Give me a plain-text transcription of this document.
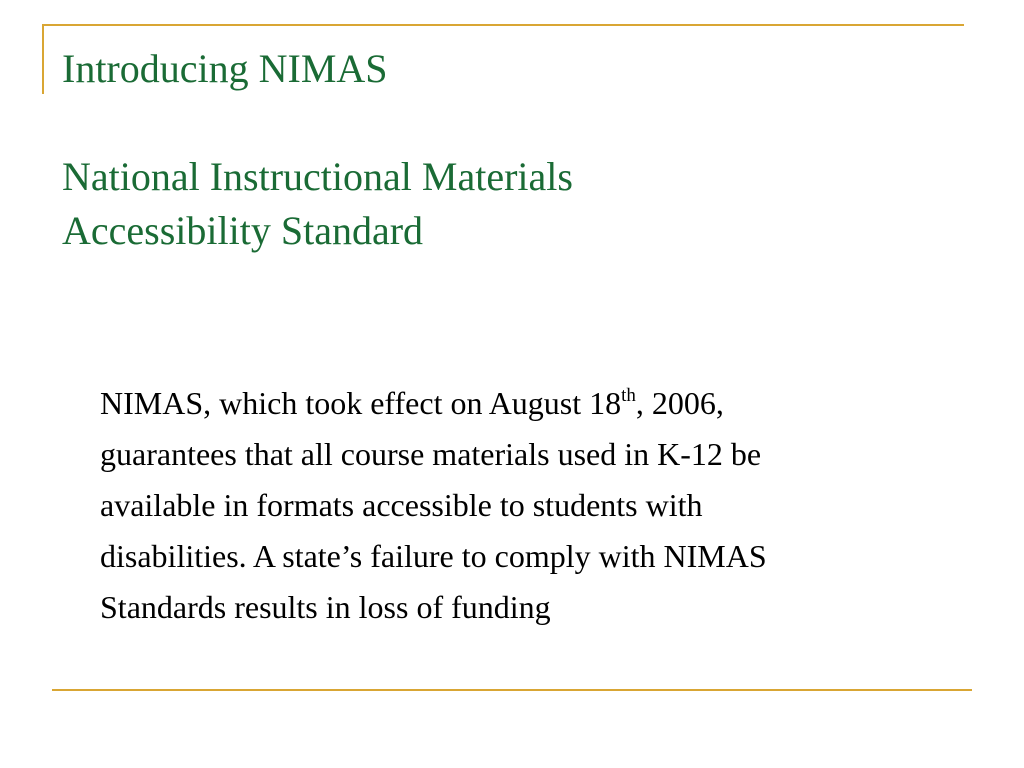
Introducing NIMAS
National Instructional Materials
Accessibility Standard
NIMAS, which took effect on August 18th, 2006,
guarantees that all course materials used in K-12 be
available in formats accessible to students with
disabilities. A state’s failure to comply with NIMAS
Standards results in loss of funding
